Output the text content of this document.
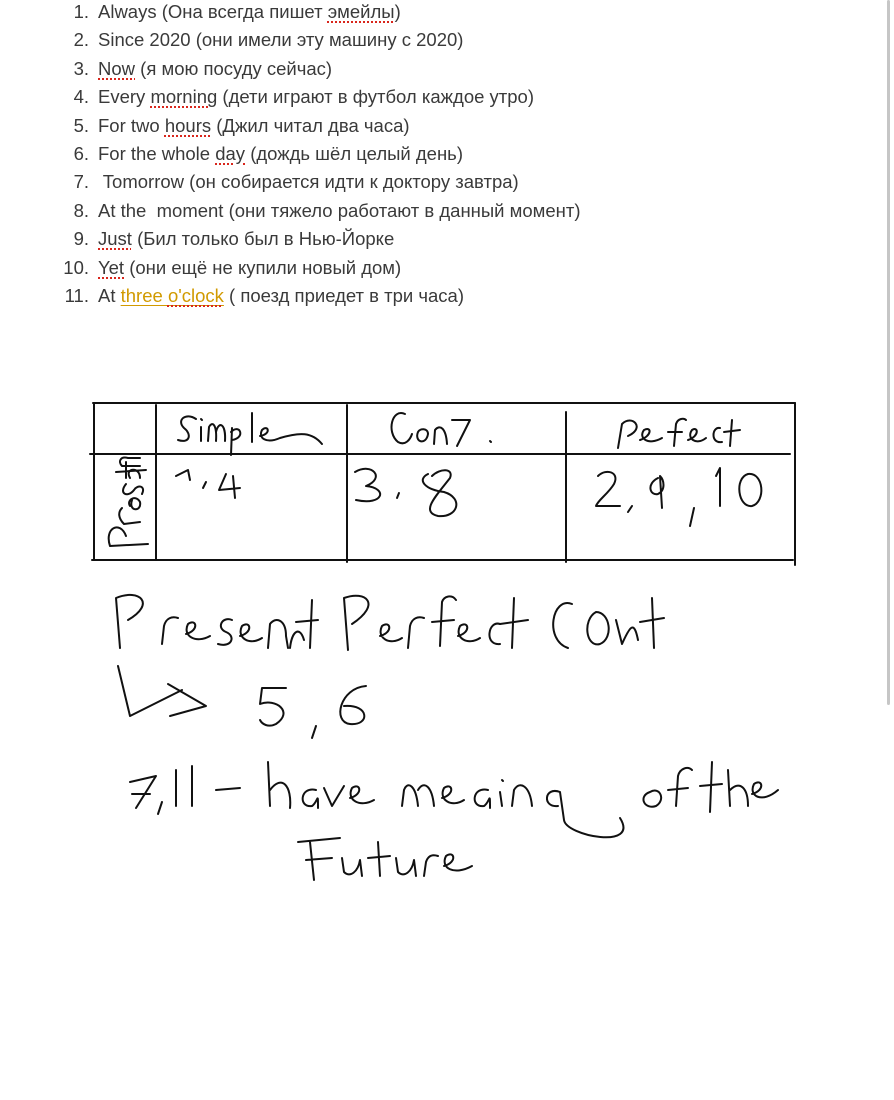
1. Always (Она всегда пишет эмейлы)
2. Since 2020 (они имели эту машину с 2020)
3. Now (я мою посуду сейчас)
4. Every morning (дети играют в футбол каждое утро)
5. For two hours (Джил читал два часа)
6. For the whole day (дождь шёл целый день)
7. Tomorrow (он собирается идти к доктору завтра)
8. At the  moment (они тяжело работают в данный момент)
9. Just (Бил только был в Нью-Йорке
10. Yet (они ещё не купили новый дом)
11. At three o'clock ( поезд приедет в три часа)
